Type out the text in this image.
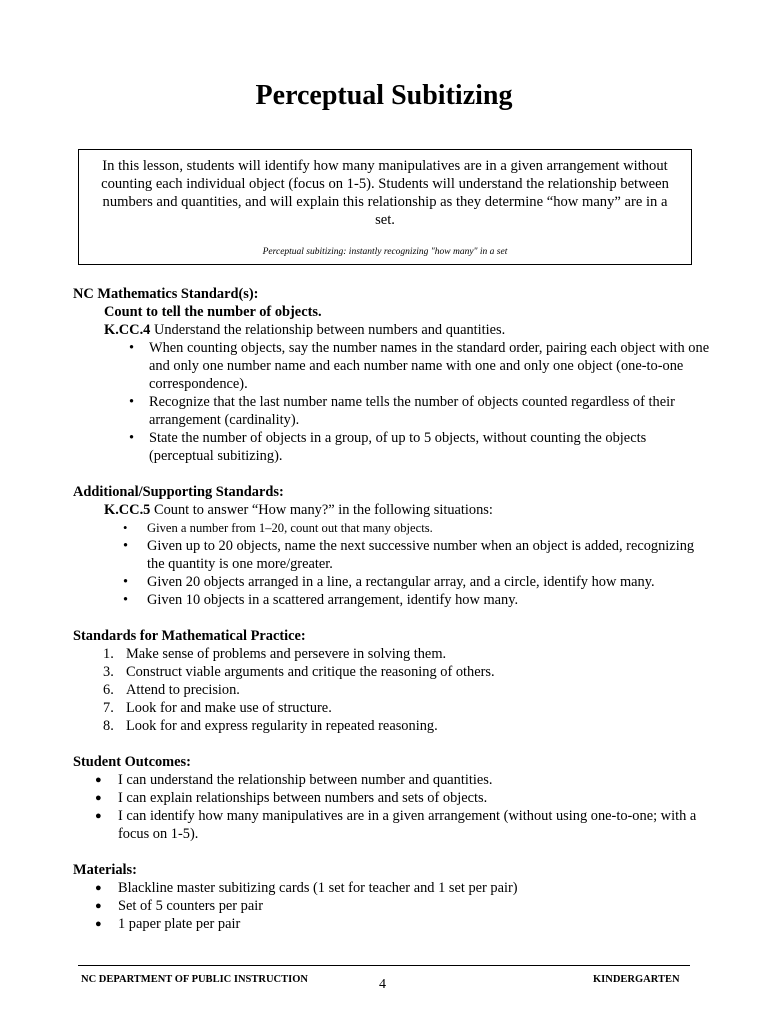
Perceptual Subitizing

In this lesson, students will identify how many manipulatives are in a given arrangement without counting each individual object (focus on 1-5). Students will understand the relationship between numbers and quantities, and will explain this relationship as they determine “how many” are in a set.

Perceptual subitizing: instantly recognizing "how many" in a set

NC Mathematics Standard(s):

Count to tell the number of objects.

K.CC.4 Understand the relationship between numbers and quantities.

• When counting objects, say the number names in the standard order, pairing each object with one and only one number name and each number name with one and only one object (one-to-one correspondence).
• Recognize that the last number name tells the number of objects counted regardless of their arrangement (cardinality).
• State the number of objects in a group, of up to 5 objects, without counting the objects (perceptual subitizing).

Additional/Supporting Standards:

K.CC.5 Count to answer “How many?” in the following situations:

• Given a number from 1–20, count out that many objects.
• Given up to 20 objects, name the next successive number when an object is added, recognizing the quantity is one more/greater.
• Given 20 objects arranged in a line, a rectangular array, and a circle, identify how many.
• Given 10 objects in a scattered arrangement, identify how many.

Standards for Mathematical Practice:

1. Make sense of problems and persevere in solving them.
3. Construct viable arguments and critique the reasoning of others.
6. Attend to precision.
7. Look for and make use of structure.
8. Look for and express regularity in repeated reasoning.

Student Outcomes:

● I can understand the relationship between number and quantities.
● I can explain relationships between numbers and sets of objects.
● I can identify how many manipulatives are in a given arrangement (without using one-to-one; with a focus on 1-5).

Materials:

● Blackline master subitizing cards (1 set for teacher and 1 set per pair)
● Set of 5 counters per pair
● 1 paper plate per pair
NC DEPARTMENT OF PUBLIC INSTRUCTION	4	KINDERGARTEN
